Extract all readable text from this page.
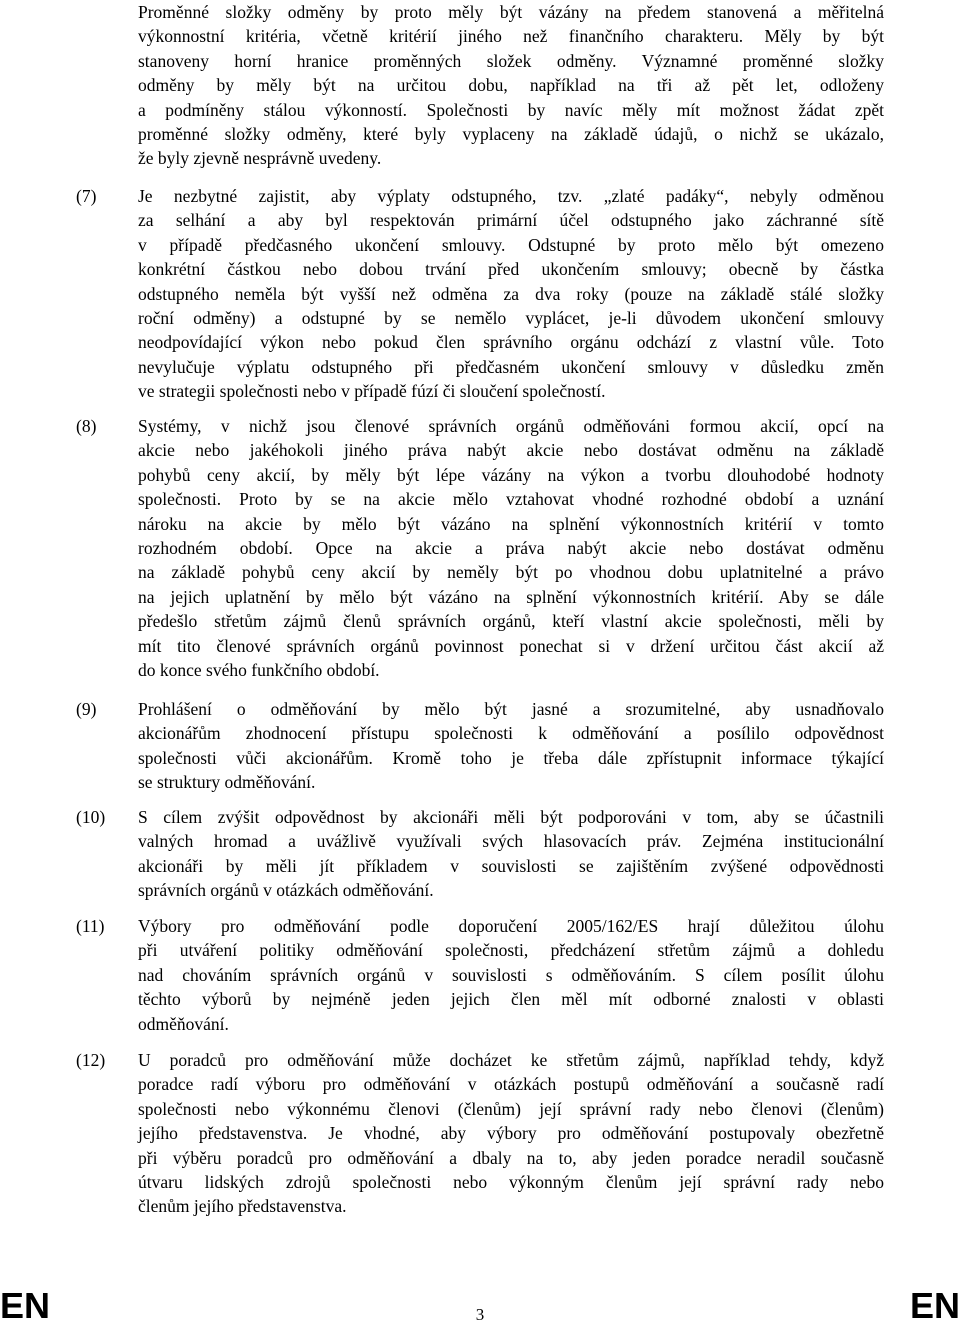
Proměnné složky odměny by proto měly být vázány na předem stanovená a měřitelná
výkonnostní kritéria, včetně kritérií jiného než finančního charakteru. Měly by být
stanoveny horní hranice proměnných složek odměny. Významné proměnné složky
odměny by měly být na určitou dobu, například na tři až pět let, odloženy
a podmíněny stálou výkonností. Společnosti by navíc měly mít možnost žádat zpět
proměnné složky odměny, které byly vyplaceny na základě údajů, o nichž se ukázalo,
že byly zjevně nesprávně uvedeny.
(7)	Je nezbytné zajistit, aby výplaty odstupného, tzv. „zlaté padáky“, nebyly odměnou
za selhání a aby byl respektován primární účel odstupného jako záchranné sítě
v případě předčasného ukončení smlouvy. Odstupné by proto mělo být omezeno
konkrétní částkou nebo dobou trvání před ukončením smlouvy; obecně by částka
odstupného neměla být vyšší než odměna za dva roky (pouze na základě stálé složky
roční odměny) a odstupné by se nemělo vyplácet, je-li důvodem ukončení smlouvy
neodpovídající výkon nebo pokud člen správního orgánu odchází z vlastní vůle. Toto
nevylučuje výplatu odstupného při předčasném ukončení smlouvy v důsledku změn
ve strategii společnosti nebo v případě fúzí či sloučení společností.
(8)	Systémy, v nichž jsou členové správních orgánů odměňováni formou akcií, opcí na
akcie nebo jakéhokoli jiného práva nabýt akcie nebo dostávat odměnu na základě
pohybů ceny akcií, by měly být lépe vázány na výkon a tvorbu dlouhodobé hodnoty
společnosti. Proto by se na akcie mělo vztahovat vhodné rozhodné období a uznání
nároku na akcie by mělo být vázáno na splnění výkonnostních kritérií v tomto
rozhodném období. Opce na akcie a práva nabýt akcie nebo dostávat odměnu
na základě pohybů ceny akcií by neměly být po vhodnou dobu uplatnitelné a právo
na jejich uplatnění by mělo být vázáno na splnění výkonnostních kritérií. Aby se dále
předešlo střetům zájmů členů správních orgánů, kteří vlastní akcie společnosti, měli by
mít tito členové správních orgánů povinnost ponechat si v držení určitou část akcií až
do konce svého funkčního období.
(9)	Prohlášení o odměňování by mělo být jasné a srozumitelné, aby usnadňovalo
akcionářům zhodnocení přístupu společnosti k odměňování a posílilo odpovědnost
společnosti vůči akcionářům. Kromě toho je třeba dále zpřístupnit informace týkající
se struktury odměňování.
(10)	S cílem zvýšit odpovědnost by akcionáři měli být podporováni v tom, aby se účastnili
valných hromad a uvážlivě využívali svých hlasovacích práv. Zejména institucionální
akcionáři by měli jít příkladem v souvislosti se zajištěním zvýšené odpovědnosti
správních orgánů v otázkách odměňování.
(11)	Výbory pro odměňování podle doporučení 2005/162/ES hrají důležitou úlohu
při utváření politiky odměňování společnosti, předcházení střetům zájmů a dohledu
nad chováním správních orgánů v souvislosti s odměňováním. S cílem posílit úlohu
těchto výborů by nejméně jeden jejich člen měl mít odborné znalosti v oblasti
odměňování.
(12)	U poradců pro odměňování může docházet ke střetům zájmů, například tehdy, když
poradce radí výboru pro odměňování v otázkách postupů odměňování a současně radí
společnosti nebo výkonnému členovi (členům) její správní rady nebo členovi (členům)
jejího představenstva. Je vhodné, aby výbory pro odměňování postupovaly obezřetně
při výběru poradců pro odměňování a dbaly na to, aby jeden poradce neradil současně
útvaru lidských zdrojů společnosti nebo výkonným členům její správní rady nebo
členům jejího představenstva.
EN	3	EN
